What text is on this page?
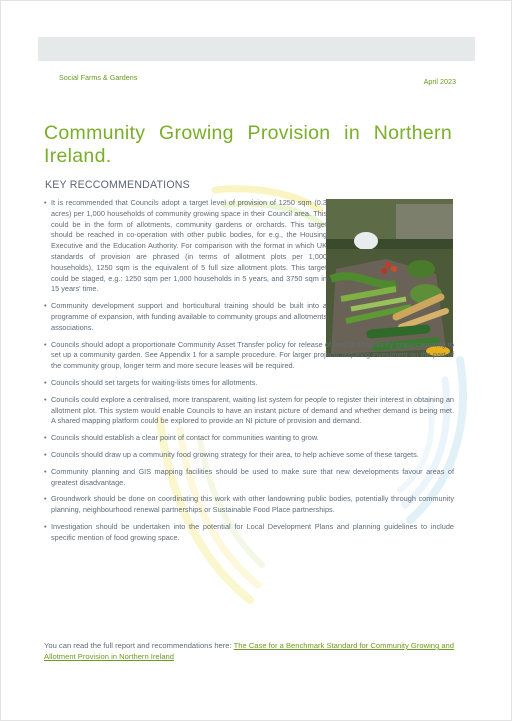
Social Farms & Gardens	April 2023
Community Growing Provision in Northern Ireland.
KEY RECCOMMENDATIONS
• It is recommended that Councils adopt a target level of provision of 1250 sqm (0.3 acres) per 1,000 households of community growing space in their Council area. This could be in the form of allotments, community gardens or orchards. This target should be reached in co-operation with other public bodies, for e.g., the Housing Executive and the Education Authority. For comparison with the format in which UK standards of provision are phrased (in terms of allotment plots per 1,000 households), 1250 sqm is the equivalent of 5 full size allotment plots. This target could be staged, e.g.: 1250 sqm per 1,000 households in 5 years, and 3750 sqm in 15 years' time.
• Community development support and horticultural training should be built into a programme of expansion, with funding available to community groups and allotments associations.
• Councils should adopt a proportionate Community Asset Transfer policy for release of land to community groups wanting to set up a community garden. See Appendix 1 for a sample procedure. For larger projects requiring investment on the part of the community group, longer term and more secure leases will be required.
• Councils should set targets for waiting-lists times for allotments.
• Councils could explore a centralised, more transparent, waiting list system for people to register their interest in obtaining an allotment plot. This system would enable Councils to have an instant picture of demand and whether demand is being met. A shared mapping platform could be explored to provide an NI picture of provision and demand.
• Councils should establish a clear point of contact for communities wanting to grow.
• Councils should draw up a community food growing strategy for their area, to help achieve some of these targets.
• Community planning and GIS mapping facilities should be used to make sure that new developments favour areas of greatest disadvantage.
• Groundwork should be done on coordinating this work with other landowning public bodies, potentially through community planning, neighbourhood renewal partnerships or Sustainable Food Place partnerships.
• Investigation should be undertaken into the potential for Local Development Plans and planning guidelines to include specific mention of food growing space.
You can read the full report and recommendations here: The Case for a Benchmark Standard for Community Growing and Allotment Provision in Northern Ireland
